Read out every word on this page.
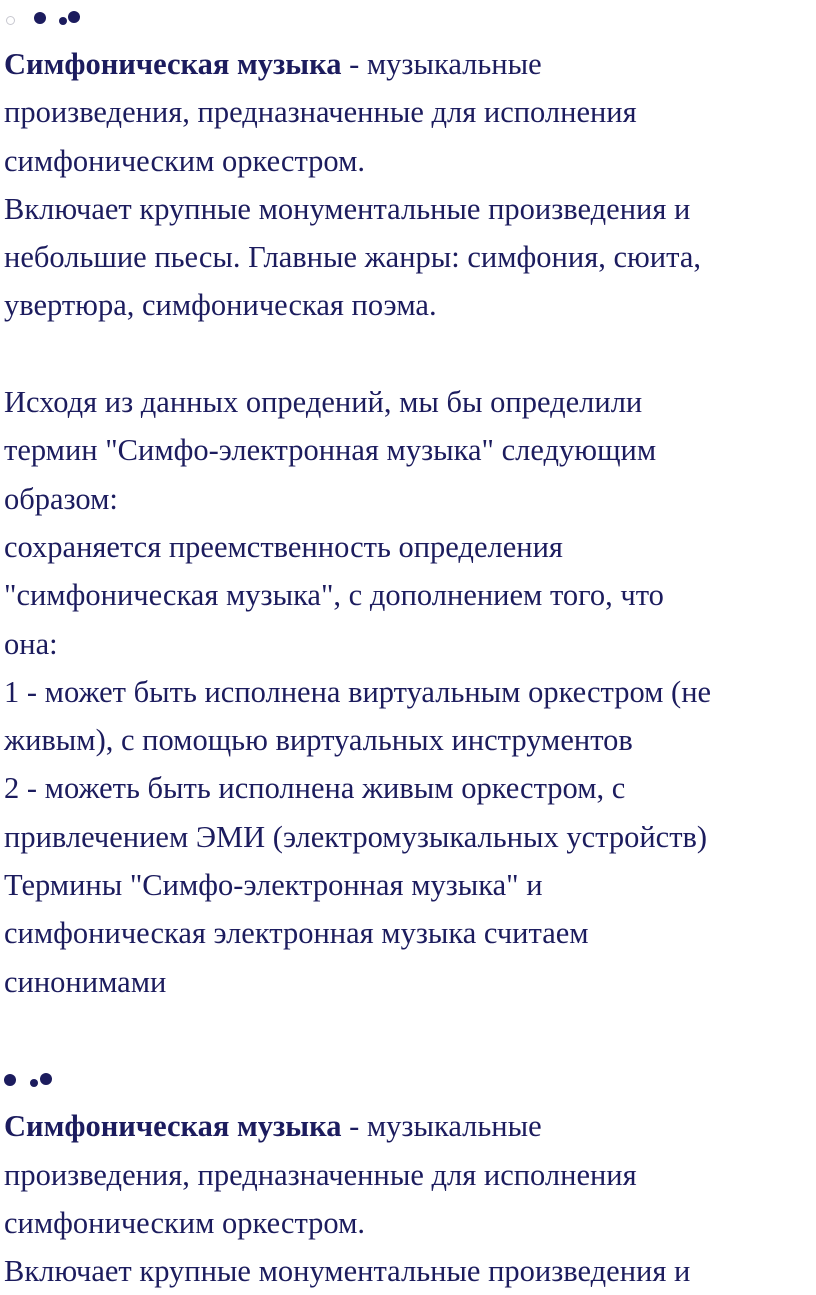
Симфоническая музыка - музыкальные
произведения, предназначенные для исполнения
симфоническим оркестром.
Включает крупные монументальные произведения и
небольшие пьесы. Главные жанры: симфония, сюита,
увертюра, симфоническая поэма.
Исходя из данных опредений, мы бы определили
термин "Симфо-электронная музыка" следующим
образом:
сохраняется преемственность определения
"симфоническая музыка", с дополнением того, что
она:
1 - может быть исполнена виртуальным оркестром (не
живым), с помощью виртуальных инструментов
2 - можеть быть исполнена живым оркестром, с
привлечением ЭМИ (электромузыкальных устройств)
Термины "Симфо-электронная музыка" и
симфоническая электронная музыка считаем
синонимами
Симфоническая музыка - музыкальные
произведения, предназначенные для исполнения
симфоническим оркестром.
Включает крупные монументальные произведения и
